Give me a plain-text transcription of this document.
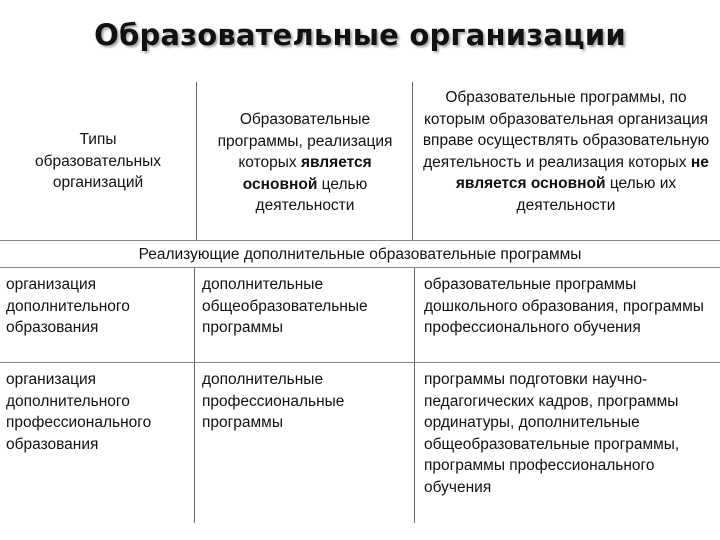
Образовательные организации
Типы образовательных организаций
Образовательные программы, реализация которых является основной целью деятельности
Образовательные программы, по которым образовательная организация вправе осуществлять образовательную деятельность и реализация которых не является основной целью их деятельности
Реализующие дополнительные образовательные программы
организация дополнительного образования
дополнительные общеобразовательные программы
образовательные программы дошкольного образования, программы профессионального обучения
организация дополнительного профессионального образования
дополнительные профессиональные программы
программы подготовки научно-педагогических кадров, программы ординатуры, дополнительные общеобразовательные программы, программы профессионального обучения
